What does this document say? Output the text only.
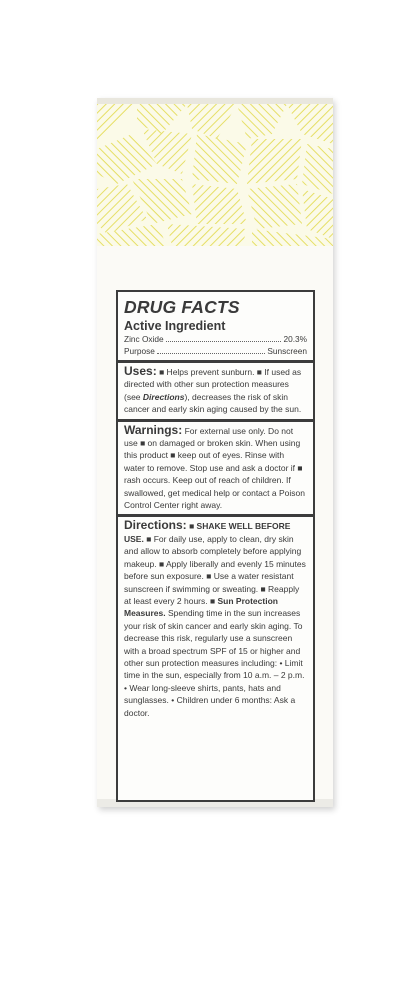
DRUG FACTS
Active Ingredient
Zinc Oxide	20.3%
Purpose	Sunscreen
Uses: ■ Helps prevent sunburn. ■ If used as directed with other sun protection measures (see Directions), decreases the risk of skin cancer and early skin aging caused by the sun.
Warnings: For external use only. Do not use ■ on damaged or broken skin. When using this product ■ keep out of eyes. Rinse with water to remove. Stop use and ask a doctor if ■ rash occurs. Keep out of reach of children. If swallowed, get medical help or contact a Poison Control Center right away.
Directions: ■ SHAKE WELL BEFORE USE. ■ For daily use, apply to clean, dry skin and allow to absorb completely before applying makeup. ■ Apply liberally and evenly 15 minutes before sun exposure. ■ Use a water resistant sunscreen if swimming or sweating. ■ Reapply at least every 2 hours. ■ Sun Protection Measures. Spending time in the sun increases your risk of skin cancer and early skin aging. To decrease this risk, regularly use a sunscreen with a broad spectrum SPF of 15 or higher and other sun protection measures including: • Limit time in the sun, especially from 10 a.m. – 2 p.m. • Wear long-sleeve shirts, pants, hats and sunglasses. • Children under 6 months: Ask a doctor.
